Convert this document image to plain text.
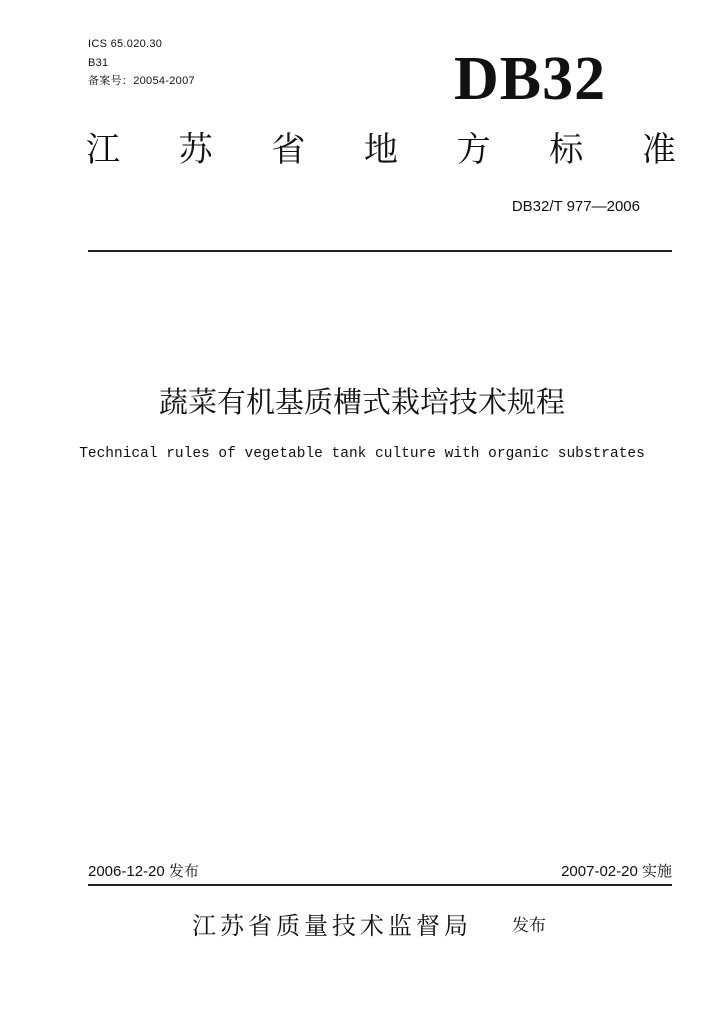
ICS 65.020.30
B31
备案号：20054-2007	DB32
江 苏 省 地 方 标 准
DB32/T 977—2006
蔬菜有机基质槽式栽培技术规程
Technical rules of vegetable tank culture with organic substrates
2006-12-20 发布	2007-02-20 实施
江苏省质量技术监督局 发布
